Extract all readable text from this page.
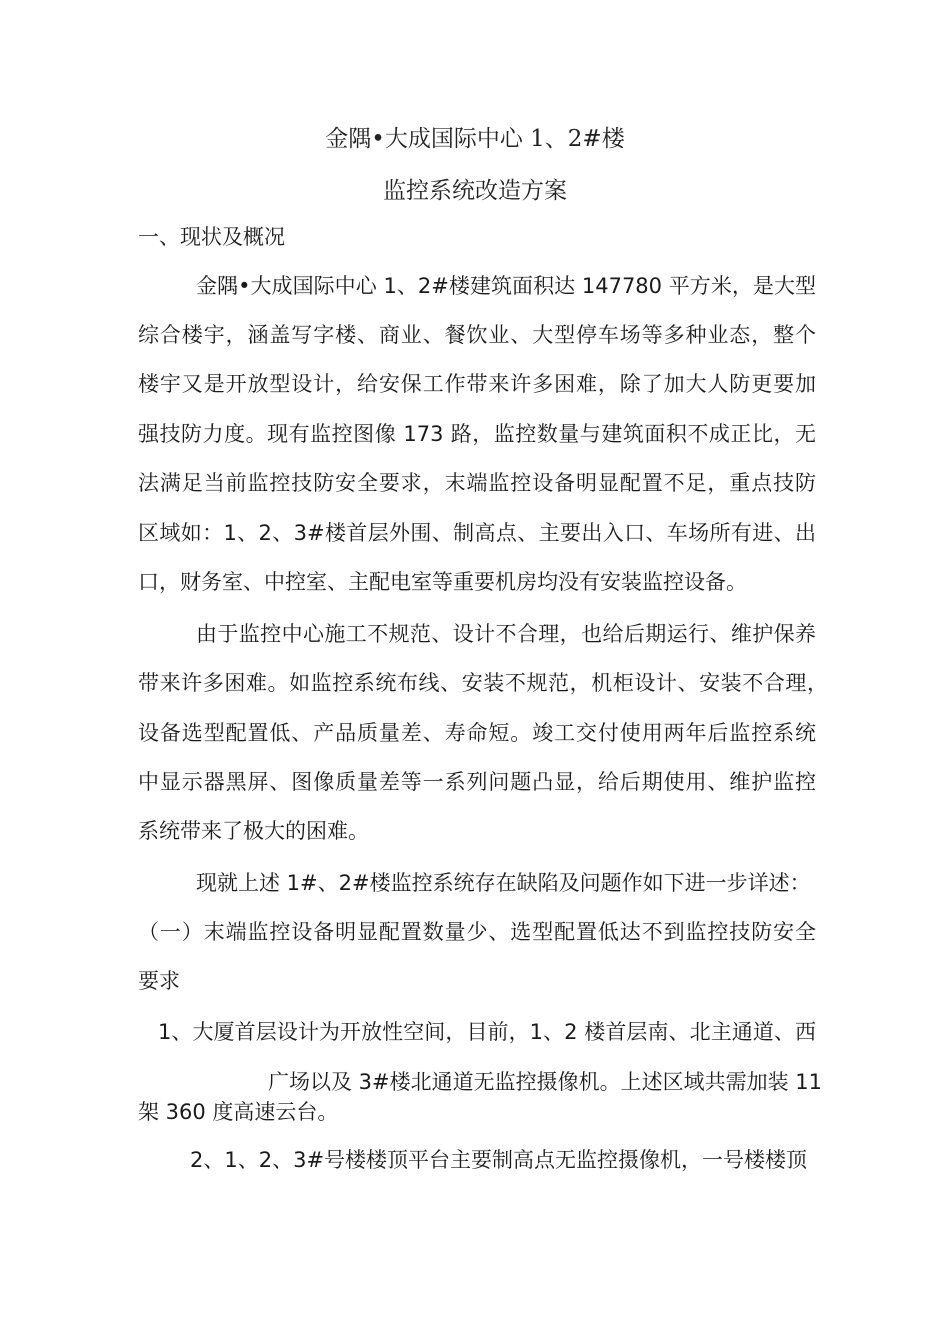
金隅•大成国际中心 1、2#楼
监控系统改造方案
一、现状及概况
金隅•大成国际中心 1、2#楼建筑面积达 147780 平方米，是大型
综合楼宇，涵盖写字楼、商业、餐饮业、大型停车场等多种业态，整个
楼宇又是开放型设计，给安保工作带来许多困难，除了加大人防更要加
强技防力度。现有监控图像 173 路，监控数量与建筑面积不成正比，无
法满足当前监控技防安全要求，末端监控设备明显配置不足，重点技防
区域如：1、2、3#楼首层外围、制高点、主要出入口、车场所有进、出
口，财务室、中控室、主配电室等重要机房均没有安装监控设备。
由于监控中心施工不规范、设计不合理，也给后期运行、维护保养
带来许多困难。如监控系统布线、安装不规范，机柜设计、安装不合理，
设备选型配置低、产品质量差、寿命短。竣工交付使用两年后监控系统
中显示器黑屏、图像质量差等一系列问题凸显，给后期使用、维护监控
系统带来了极大的困难。
现就上述 1#、2#楼监控系统存在缺陷及问题作如下进一步详述：
（一）末端监控设备明显配置数量少、选型配置低达不到监控技防安全
要求
1、大厦首层设计为开放性空间，目前，1、2 楼首层南、北主通道、西
广场以及 3#楼北通道无监控摄像机。上述区域共需加装 11
架 360 度高速云台。
2、1、2、3#号楼楼顶平台主要制高点无监控摄像机，一号楼楼顶
